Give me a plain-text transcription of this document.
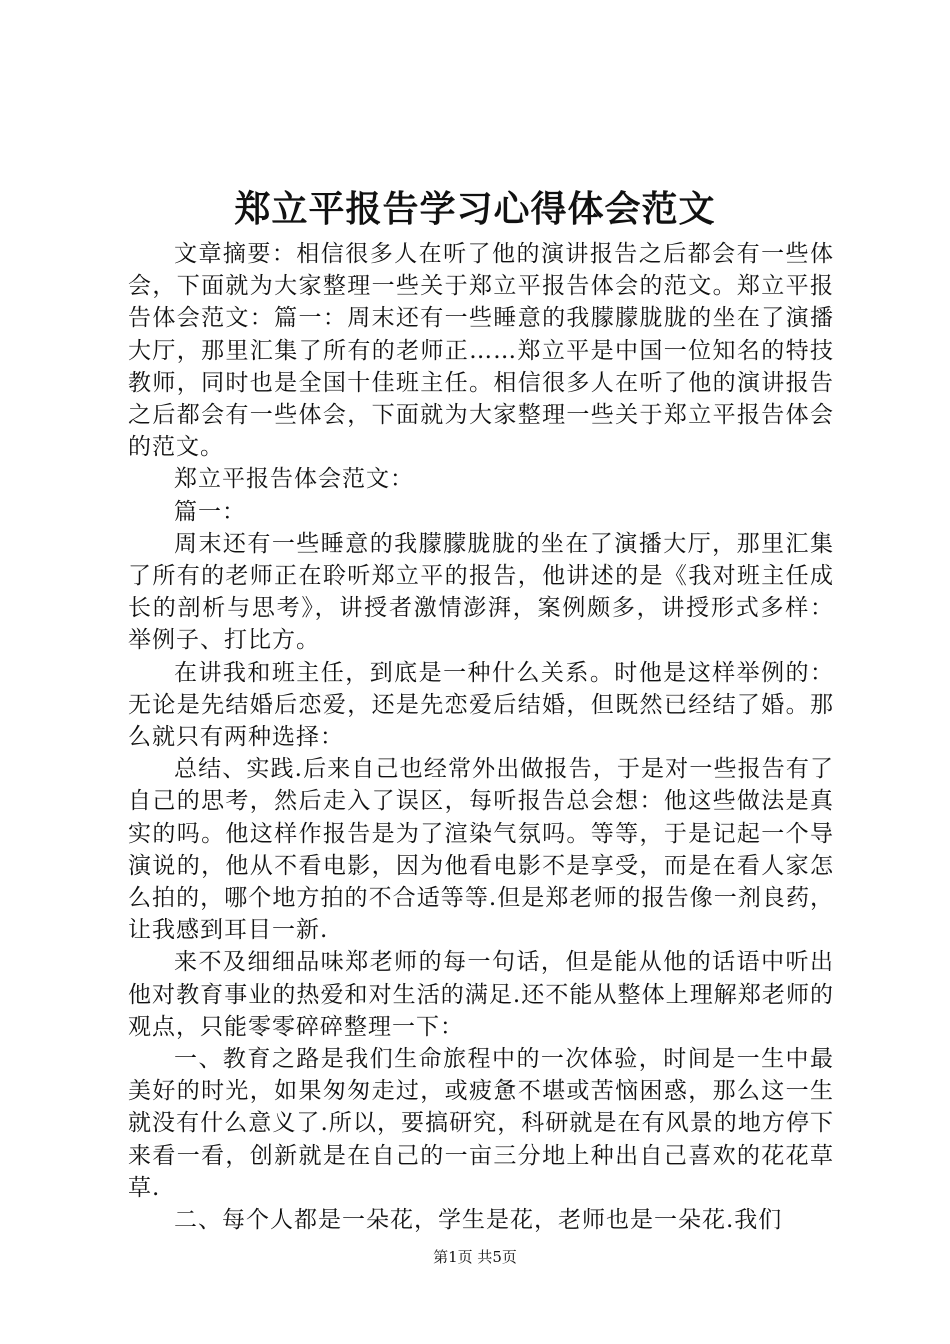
郑立平报告学习心得体会范文

文章摘要：相信很多人在听了他的演讲报告之后都会有一些体会，下面就为大家整理一些关于郑立平报告体会的范文。郑立平报告体会范文：篇一：周末还有一些睡意的我朦朦胧胧的坐在了演播大厅，那里汇集了所有的老师正……郑立平是中国一位知名的特技教师，同时也是全国十佳班主任。相信很多人在听了他的演讲报告之后都会有一些体会，下面就为大家整理一些关于郑立平报告体会的范文。

郑立平报告体会范文：

篇一：

周末还有一些睡意的我朦朦胧胧的坐在了演播大厅，那里汇集了所有的老师正在聆听郑立平的报告，他讲述的是《我对班主任成长的剖析与思考》，讲授者激情澎湃，案例颇多，讲授形式多样：举例子、打比方。

在讲我和班主任，到底是一种什么关系。时他是这样举例的：无论是先结婚后恋爱，还是先恋爱后结婚，但既然已经结了婚。那么就只有两种选择：

总结、实践.后来自己也经常外出做报告，于是对一些报告有了自己的思考，然后走入了误区，每听报告总会想：他这些做法是真实的吗。他这样作报告是为了渲染气氛吗。等等，于是记起一个导演说的，他从不看电影，因为他看电影不是享受，而是在看人家怎么拍的，哪个地方拍的不合适等等.但是郑老师的报告像一剂良药，让我感到耳目一新.

来不及细细品味郑老师的每一句话，但是能从他的话语中听出他对教育事业的热爱和对生活的满足.还不能从整体上理解郑老师的观点，只能零零碎碎整理一下：

一、教育之路是我们生命旅程中的一次体验，时间是一生中最美好的时光，如果匆匆走过，或疲惫不堪或苦恼困惑，那么这一生就没有什么意义了.所以，要搞研究，科研就是在有风景的地方停下来看一看，创新就是在自己的一亩三分地上种出自己喜欢的花花草草.

二、每个人都是一朵花，学生是花，老师也是一朵花.我们

第1页 共5页
